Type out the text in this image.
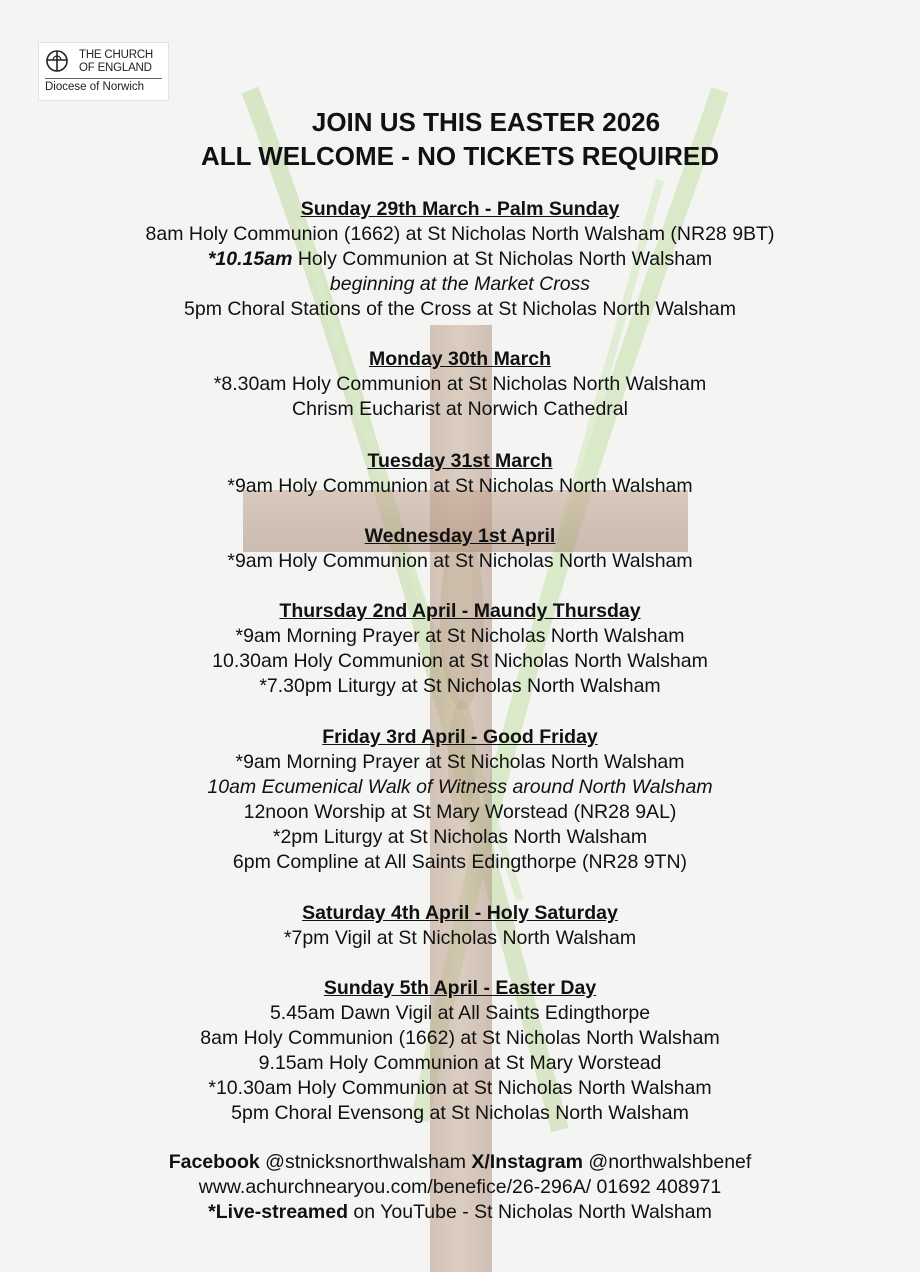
THE CHURCH
OF ENGLAND
Diocese of Norwich
JOIN US THIS EASTER 2026
ALL WELCOME - NO TICKETS REQUIRED
Sunday 29th March - Palm Sunday
8am Holy Communion (1662) at St Nicholas North Walsham (NR28 9BT)
*10.15am Holy Communion at St Nicholas North Walsham
beginning at the Market Cross
5pm Choral Stations of the Cross at St Nicholas North Walsham
Monday 30th March
*8.30am Holy Communion at St Nicholas North Walsham
Chrism Eucharist at Norwich Cathedral
Tuesday 31st March
*9am Holy Communion at St Nicholas North Walsham
Wednesday 1st April
*9am Holy Communion at St Nicholas North Walsham
Thursday 2nd April - Maundy Thursday
*9am Morning Prayer at St Nicholas North Walsham
10.30am Holy Communion at St Nicholas North Walsham
*7.30pm Liturgy at St Nicholas North Walsham
Friday 3rd April - Good Friday
*9am Morning Prayer at St Nicholas North Walsham
10am Ecumenical Walk of Witness around North Walsham
12noon Worship at St Mary Worstead (NR28 9AL)
*2pm Liturgy at St Nicholas North Walsham
6pm Compline at All Saints Edingthorpe (NR28 9TN)
Saturday 4th April - Holy Saturday
*7pm Vigil at St Nicholas North Walsham
Sunday 5th April - Easter Day
5.45am Dawn Vigil at All Saints Edingthorpe
8am Holy Communion (1662) at St Nicholas North Walsham
9.15am Holy Communion at St Mary Worstead
*10.30am Holy Communion at St Nicholas North Walsham
5pm Choral Evensong at St Nicholas North Walsham
Facebook @stnicksnorthwalsham X/Instagram @northwalshbenef
www.achurchnearyou.com/benefice/26-296A/ 01692 408971
*Live-streamed on YouTube - St Nicholas North Walsham
